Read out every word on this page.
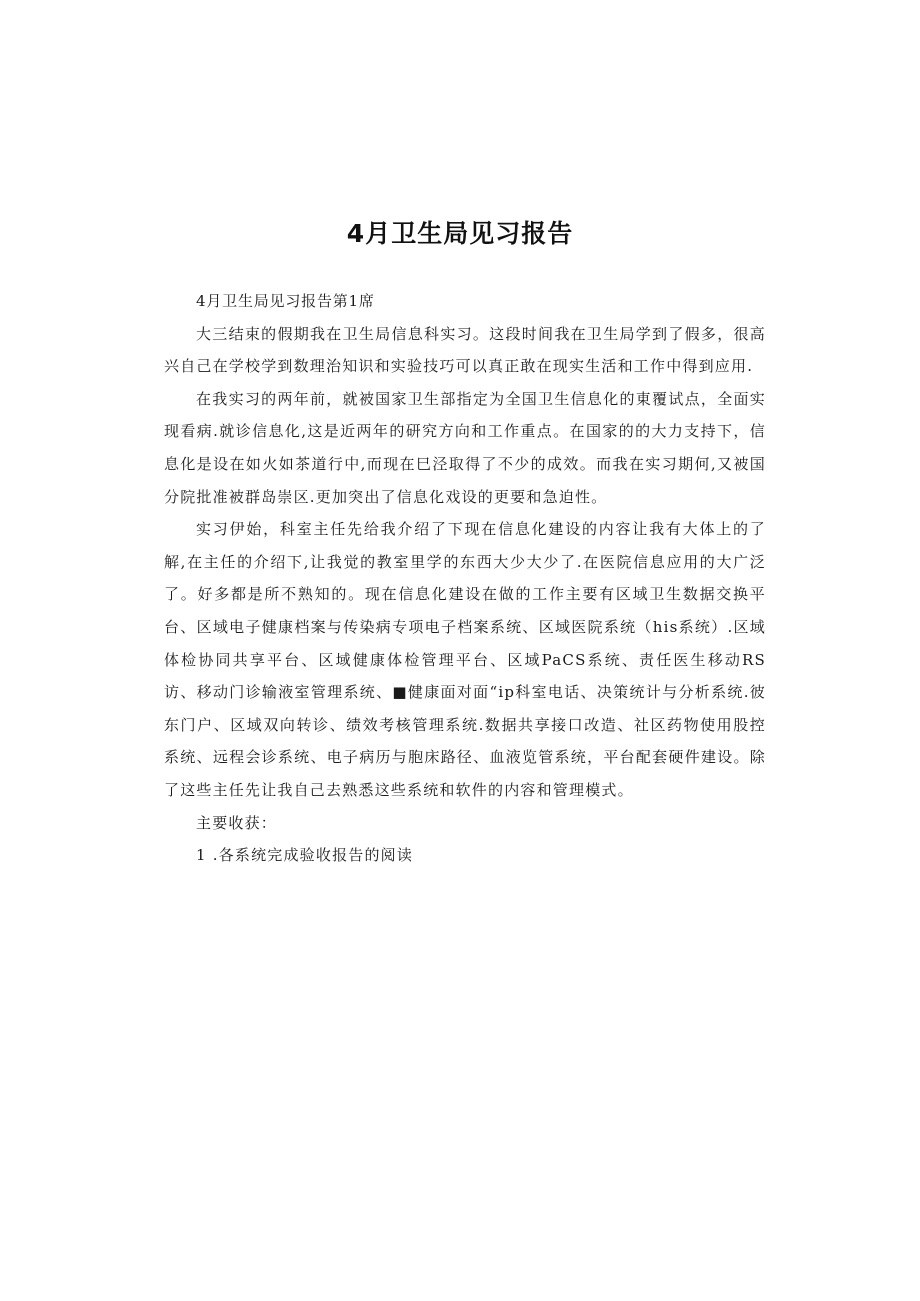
4月卫生局见习报告

4月卫生局见习报告第1席

大三结束的假期我在卫生局信息科实习。这段时间我在卫生局学到了假多，很高兴自己在学校学到数理治知识和实验技巧可以真正敢在现实生活和工作中得到应用.

在我实习的两年前，就被国家卫生部指定为全国卫生信息化的東覆试点，全面实现看病.就诊信息化,这是近两年的研究方向和工作重点。在国家的的大力支持下，信息化是设在如火如茶道行中,而现在巳泾取得了不少的成效。而我在实习期何,又被国分院批准被群岛崇区.更加突出了信息化戏设的更要和急迫性。

实习伊始，科室主任先给我介绍了下现在信息化建设的内容让我有大体上的了解,在主任的介绍下,让我觉的教室里学的东西大少大少了.在医院信息应用的大广泛了。好多都是所不熟知的。现在信息化建设在做的工作主要有区域卫生数据交换平台、区域电子健康档案与传染病专项电子档案系统、区域医院系统（his系统）.区域体检协同共享平台、区域健康体检管理平台、区域PaCS系统、责任医生移动RS访、移动门诊输液室管理系统、■健康面对面“ip科室电话、决策统计与分析系统.彼东门户、区域双向转诊、绩效考核管理系统.数据共享接口改造、社区药物使用股控系统、远程会诊系统、电子病历与胞床路径、血液览管系统，平台配套硬件建设。除了这些主任先让我自己去熟悉这些系统和软件的内容和管理模式。

主要收获：

1 .各系统完成验收报告的阅读
